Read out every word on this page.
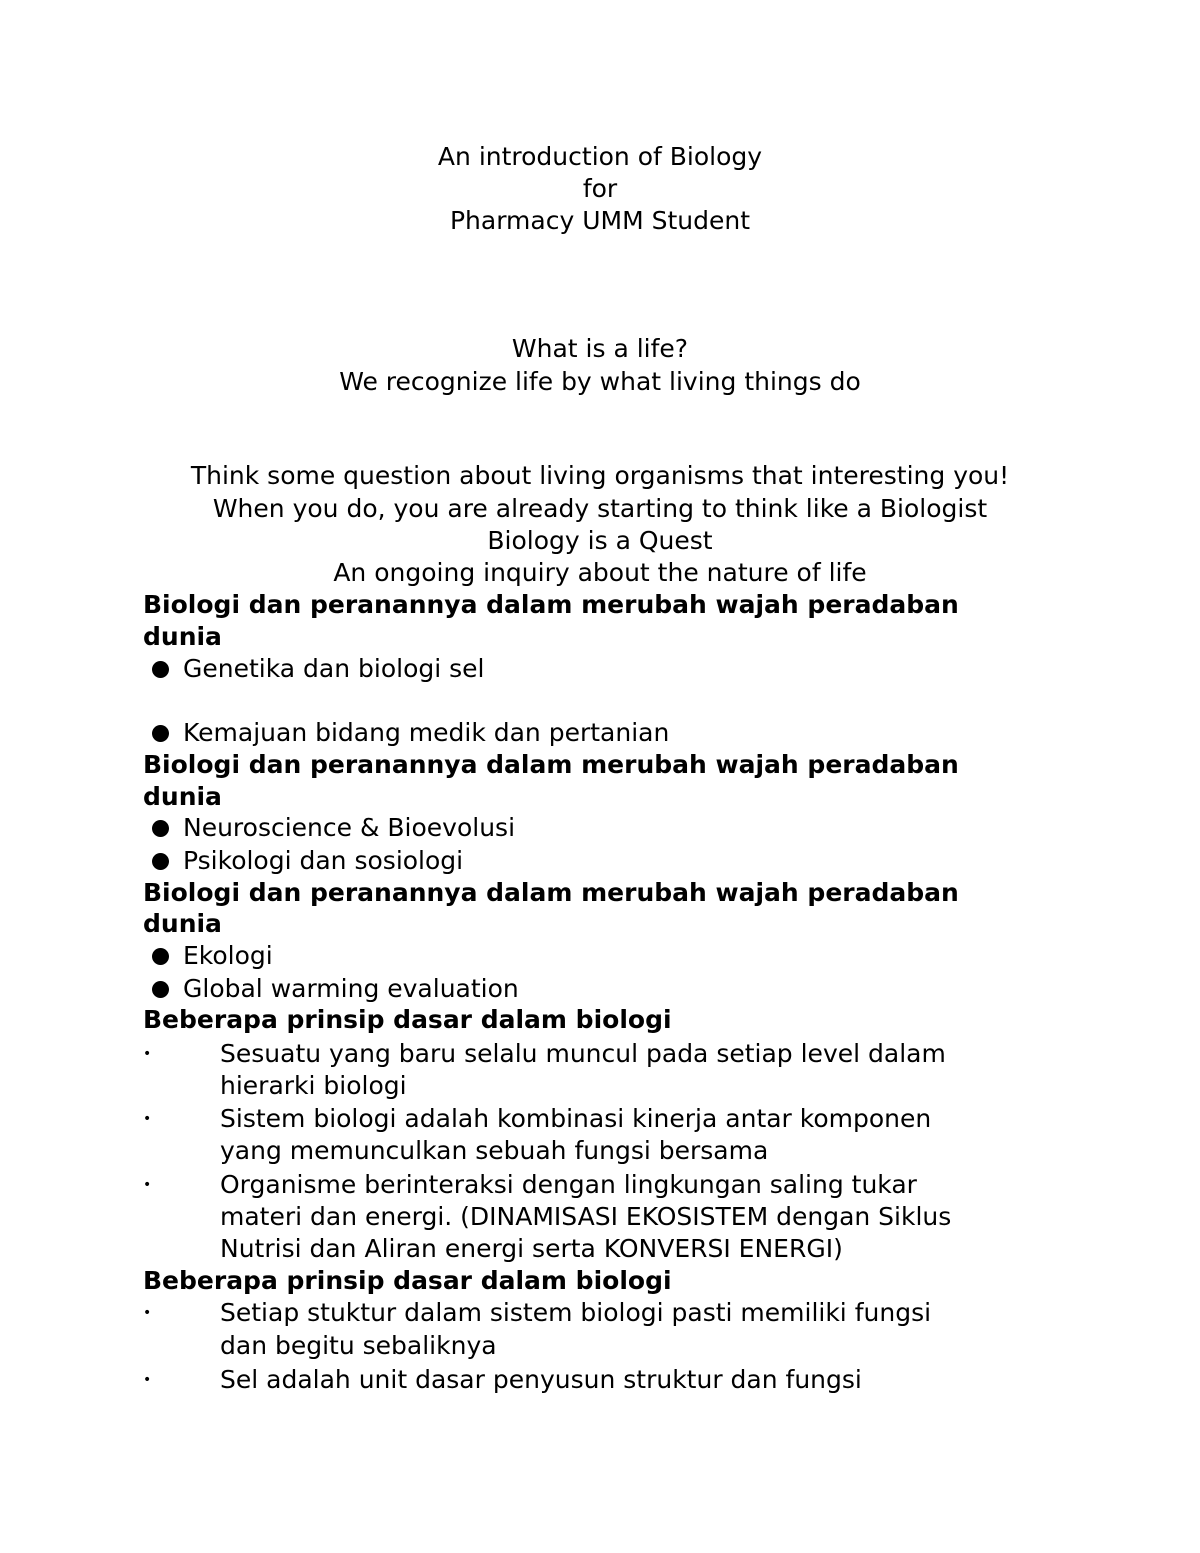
An introduction of Biology
for
Pharmacy UMM Student
What is a life?
We recognize life by what living things do
Think some question about living organisms that interesting you!
When you do, you are already starting to think like a Biologist
Biology is a Quest
An ongoing inquiry about the nature of life
Biologi dan peranannya dalam merubah wajah peradaban
dunia
Genetika dan biologi sel
Kemajuan bidang medik dan pertanian
Biologi dan peranannya dalam merubah wajah peradaban
dunia
Neuroscience & Bioevolusi
Psikologi dan sosiologi
Biologi dan peranannya dalam merubah wajah peradaban
dunia
Ekologi
Global warming evaluation
Beberapa prinsip dasar dalam biologi
•	Sesuatu yang baru selalu muncul pada setiap level dalam
hierarki biologi
•	Sistem biologi adalah kombinasi kinerja antar komponen
yang memunculkan sebuah fungsi bersama
•	Organisme berinteraksi dengan lingkungan saling tukar
materi dan energi. (DINAMISASI EKOSISTEM dengan Siklus
Nutrisi dan Aliran energi serta KONVERSI ENERGI)
Beberapa prinsip dasar dalam biologi
•	Setiap stuktur dalam sistem biologi pasti memiliki fungsi
dan begitu sebaliknya
•	Sel adalah unit dasar penyusun struktur dan fungsi
